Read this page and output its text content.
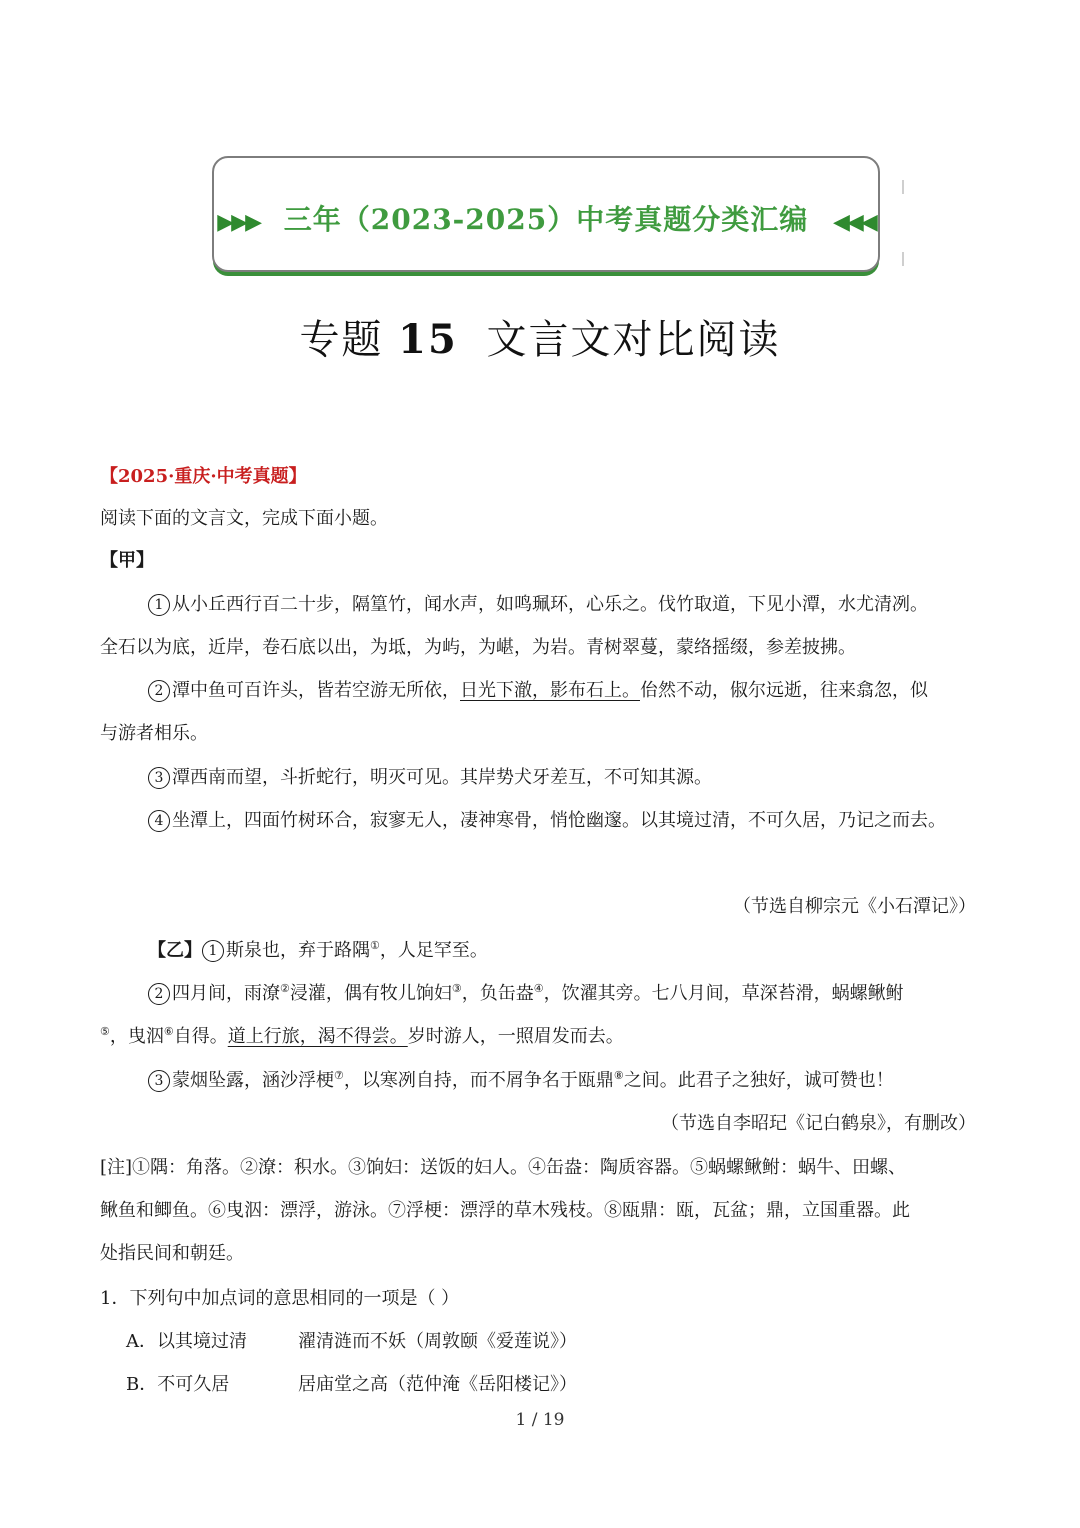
▶▶▶ 三年（2023-2025）中考真题分类汇编 ◀◀◀
专题 15 文言文对比阅读
【2025·重庆·中考真题】
阅读下面的文言文，完成下面小题。
【甲】
1 从小丘西行百二十步，隔篁竹，闻水声，如鸣珮环，心乐之。伐竹取道，下见小潭，水尤清冽。
全石以为底，近岸，卷石底以出，为坻，为屿，为嵁，为岩。青树翠蔓，蒙络摇缀，参差披拂。
2 潭中鱼可百许头，皆若空游无所依，日光下澈，影布石上。佁然不动，俶尔远逝，往来翕忽，似
与游者相乐。
3 潭西南而望，斗折蛇行，明灭可见。其岸势犬牙差互，不可知其源。
4 坐潭上，四面竹树环合，寂寥无人，凄神寒骨，悄怆幽邃。以其境过清，不可久居，乃记之而去。
（节选自柳宗元《小石潭记》）
【乙】 1 斯泉也，弃于路隅①，人足罕至。
2 四月间，雨潦②浸灌，偶有牧儿饷妇③，负缶盎④，饮濯其旁。七八月间，草深苔滑，蜗螺鳅鲋
⑤，曳泅⑥自得。道上行旅，渴不得尝。岁时游人，一照眉发而去。
3 蒙烟坠露，涵沙浮梗⑦，以寒冽自持，而不屑争名于瓯鼎⑧之间。此君子之独好，诚可赞也！
（节选自李昭玘《记白鹤泉》，有删改）
[注]①隅：角落。②潦：积水。③饷妇：送饭的妇人。④缶盎：陶质容器。⑤蜗螺鳅鲋：蜗牛、田螺、
鳅鱼和鲫鱼。⑥曳泅：漂浮，游泳。⑦浮梗：漂浮的草木残枝。⑧瓯鼎：瓯，瓦盆；鼎，立国重器。此
处指民间和朝廷。
1．下列句中加点词的意思相同的一项是（ ）
A．以其境过清	濯清涟而不妖（周敦颐《爱莲说》）
B．不可久居	居庙堂之高（范仲淹《岳阳楼记》）
1 / 19
